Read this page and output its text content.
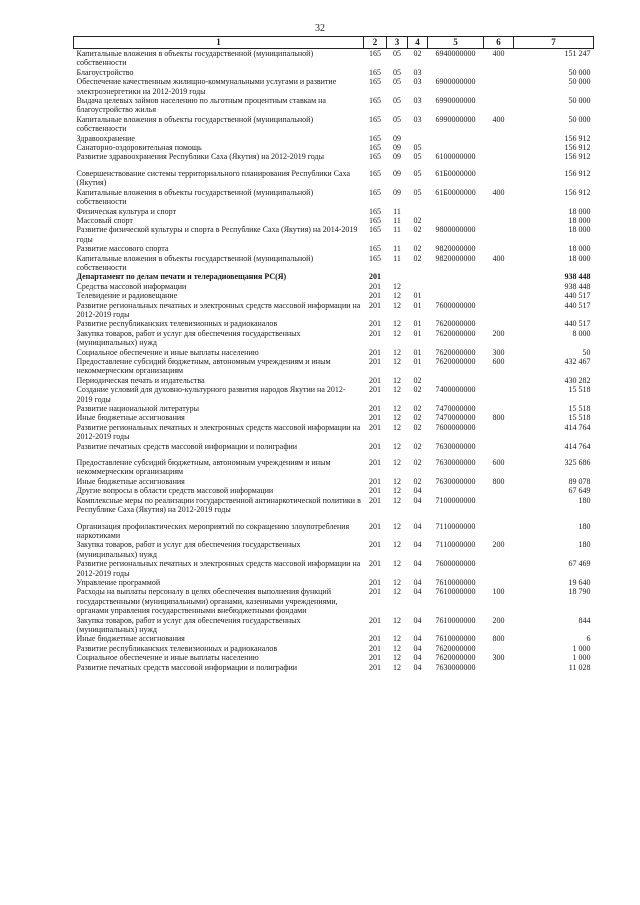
32
1	2	3	4	5	6	7
Капитальные вложения в объекты государственной (муниципальной) собственности	165	05	02	6940000000	400	151 247
Благоустройство	165	05	03			50 000
Обеспечение качественным жилищно-коммунальными услугами и развитие электроэнергетики на 2012-2019 годы	165	05	03	6900000000		50 000
Выдача целевых займов населению по льготным процентным ставкам на благоустройство жилья	165	05	03	6990000000		50 000
Капитальные вложения в объекты государственной (муниципальной) собственности	165	05	03	6990000000	400	50 000
Здравоохранение	165	09				156 912
Санаторно-оздоровительная помощь	165	09	05			156 912
Развитие здравоохранения Республики Саха (Якутия) на 2012-2019 годы	165	09	05	6100000000		156 912
Совершенствование системы территориального планирования Республики Саха (Якутия)	165	09	05	61Б0000000		156 912
Капитальные вложения в объекты государственной (муниципальной) собственности	165	09	05	61Б0000000	400	156 912
Физическая культура и спорт	165	11				18 000
Массовый спорт	165	11	02			18 000
Развитие физической культуры и спорта в Республике Саха (Якутия) на 2014-2019 годы	165	11	02	9800000000		18 000
Развитие массового спорта	165	11	02	9820000000		18 000
Капитальные вложения в объекты государственной (муниципальной) собственности	165	11	02	9820000000	400	18 000
Департамент по делам печати и телерадиовещания РС(Я)	201					938 448
Средства массовой информации	201	12				938 448
Телевидение и радиовещание	201	12	01			440 517
Развитие региональных печатных и электронных средств массовой информации на 2012-2019 годы	201	12	01	7600000000		440 517
Развитие республиканских телевизионных и радиоканалов	201	12	01	7620000000		440 517
Закупка товаров, работ и услуг для обеспечения государственных (муниципальных) нужд	201	12	01	7620000000	200	8 000
Социальное обеспечение и иные выплаты населению	201	12	01	7620000000	300	50
Предоставление субсидий бюджетным, автономным учреждениям и иным некоммерческим организациям	201	12	01	7620000000	600	432 467
Периодическая печать и издательства	201	12	02			430 282
Создание условий для духовно-культурного развития народов Якутии на 2012-2019 годы	201	12	02	7400000000		15 518
Развитие национальной литературы	201	12	02	7470000000		15 518
Иные бюджетные ассигнования	201	12	02	7470000000	800	15 518
Развитие региональных печатных и электронных средств массовой информации на 2012-2019 годы	201	12	02	7600000000		414 764
Развитие печатных средств массовой информации и полиграфии	201	12	02	7630000000		414 764
Предоставление субсидий бюджетным, автономным учреждениям и иным некоммерческим организациям	201	12	02	7630000000	600	325 686
Иные бюджетные ассигнования	201	12	02	7630000000	800	89 078
Другие вопросы в области средств массовой информации	201	12	04			67 649
Комплексные меры по реализации государственной антинаркотической политики в Республике Саха (Якутия) на 2012-2019 годы	201	12	04	7100000000		180
Организация профилактических мероприятий по сокращению злоупотребления наркотиками	201	12	04	7110000000		180
Закупка товаров, работ и услуг для обеспечения государственных (муниципальных) нужд	201	12	04	7110000000	200	180
Развитие региональных печатных и электронных средств массовой информации на 2012-2019 годы	201	12	04	7600000000		67 469
Управление программой	201	12	04	7610000000		19 640
Расходы на выплаты персоналу в целях обеспечения выполнения функций государственными (муниципальными) органами, казенными учреждениями, органами управления государственными внебюджетными фондами	201	12	04	7610000000	100	18 790
Закупка товаров, работ и услуг для обеспечения государственных (муниципальных) нужд	201	12	04	7610000000	200	844
Иные бюджетные ассигнования	201	12	04	7610000000	800	6
Развитие республиканских телевизионных и радиоканалов	201	12	04	7620000000		1 000
Социальное обеспечение и иные выплаты населению	201	12	04	7620000000	300	1 000
Развитие печатных средств массовой информации и полиграфии	201	12	04	7630000000		11 028
